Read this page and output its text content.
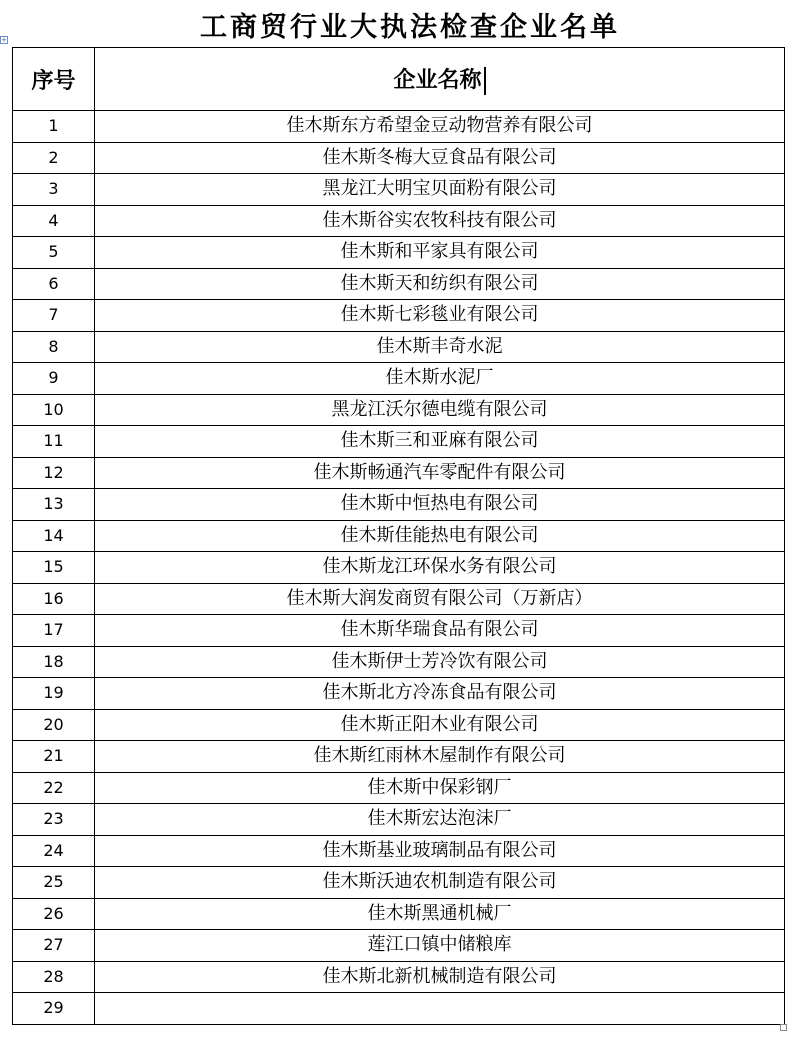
工商贸行业大执法检查企业名单
+
序号	企业名称
1	佳木斯东方希望金豆动物营养有限公司
2	佳木斯冬梅大豆食品有限公司
3	黑龙江大明宝贝面粉有限公司
4	佳木斯谷实农牧科技有限公司
5	佳木斯和平家具有限公司
6	佳木斯天和纺织有限公司
7	佳木斯七彩毯业有限公司
8	佳木斯丰奇水泥
9	佳木斯水泥厂
10	黑龙江沃尔德电缆有限公司
11	佳木斯三和亚麻有限公司
12	佳木斯畅通汽车零配件有限公司
13	佳木斯中恒热电有限公司
14	佳木斯佳能热电有限公司
15	佳木斯龙江环保水务有限公司
16	佳木斯大润发商贸有限公司（万新店）
17	佳木斯华瑞食品有限公司
18	佳木斯伊士芳冷饮有限公司
19	佳木斯北方冷冻食品有限公司
20	佳木斯正阳木业有限公司
21	佳木斯红雨林木屋制作有限公司
22	佳木斯中保彩钢厂
23	佳木斯宏达泡沫厂
24	佳木斯基业玻璃制品有限公司
25	佳木斯沃迪农机制造有限公司
26	佳木斯黑通机械厂
27	莲江口镇中储粮库
28	佳木斯北新机械制造有限公司
29	
